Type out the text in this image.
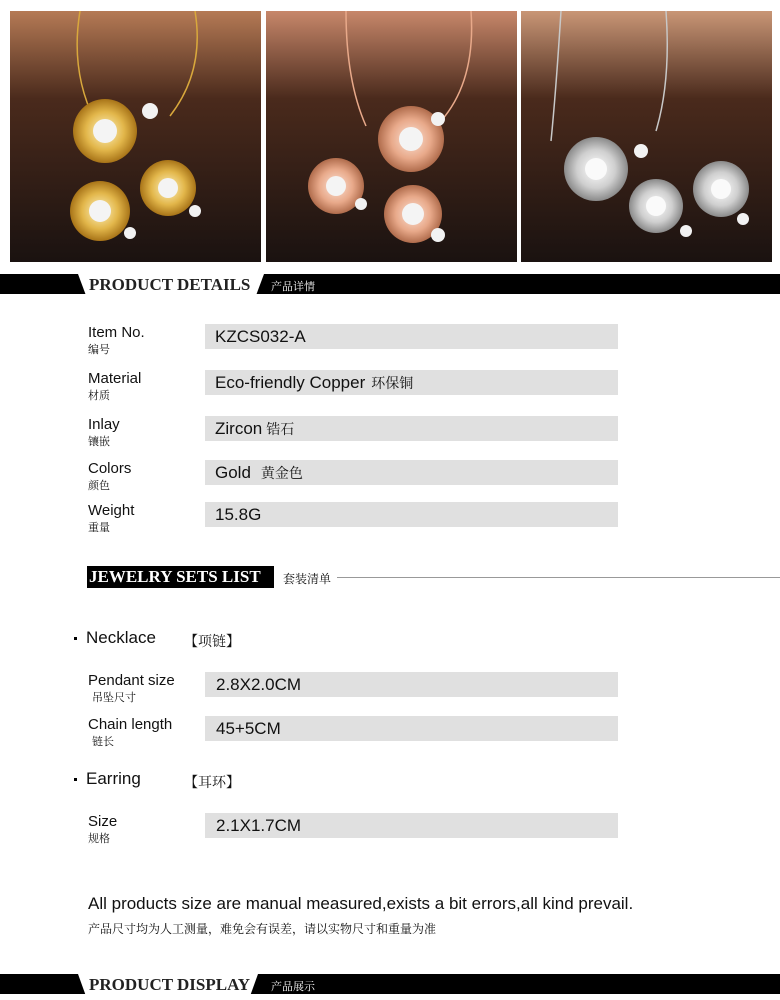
PRODUCT DETAILS 产品详情
Item No.
编号
KZCS032-A
Material
材质
Eco-friendly Copper 环保铜
Inlay
镶嵌
Zircon 锆石
Colors
颜色
Gold 黄金色
Weight
重量
15.8G
JEWELRY SETS LIST	套装清单
Necklace 【项链】
Pendant size
吊坠尺寸
2.8X2.0CM
Chain length
链长
45+5CM
Earring	【耳环】
Size
规格
2.1X1.7CM
All products size are manual measured,exists a bit errors,all kind prevail.
产品尺寸均为人工测量，难免会有误差，请以实物尺寸和重量为准
PRODUCT DISPLAY 产品展示
